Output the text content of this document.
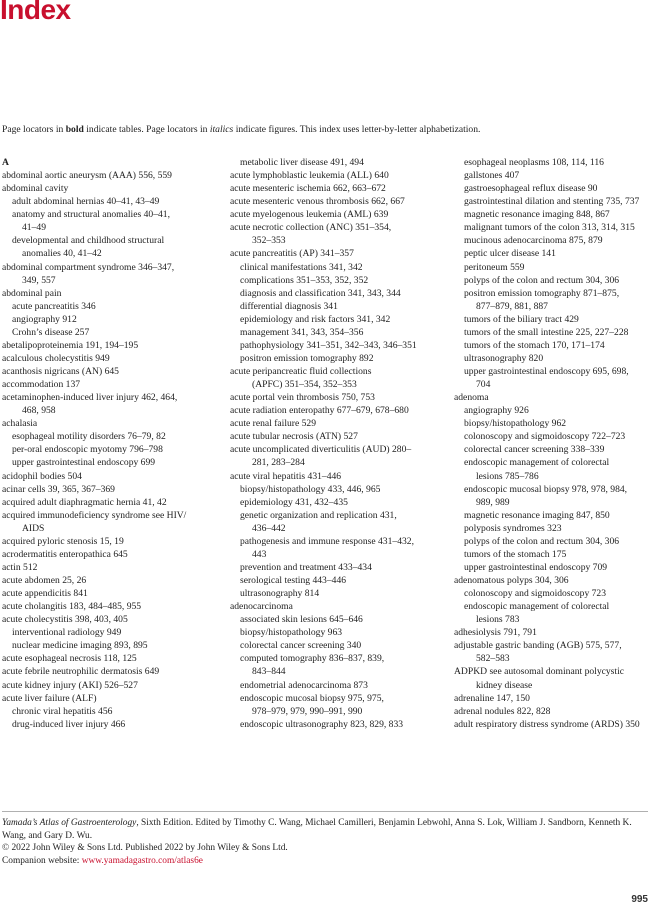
Index
Page locators in bold indicate tables. Page locators in italics indicate figures. This index uses letter-by-letter alphabetization.
A
abdominal aortic aneurysm (AAA) 556, 559
abdominal cavity
adult abdominal hernias 40–41, 43–49
anatomy and structural anomalies 40–41,
41–49
developmental and childhood structural
anomalies 40, 41–42
abdominal compartment syndrome 346–347,
349, 557
abdominal pain
acute pancreatitis 346
angiography 912
Crohn’s disease 257
abetalipoproteinemia 191, 194–195
acalculous cholecystitis 949
acanthosis nigricans (AN) 645
accommodation 137
acetaminophen-induced liver injury 462, 464,
468, 958
achalasia
esophageal motility disorders 76–79, 82
per-oral endoscopic myotomy 796–798
upper gastrointestinal endoscopy 699
acidophil bodies 504
acinar cells 39, 365, 367–369
acquired adult diaphragmatic hernia 41, 42
acquired immunodeficiency syndrome see HIV/
AIDS
acquired pyloric stenosis 15, 19
acrodermatitis enteropathica 645
actin 512
acute abdomen 25, 26
acute appendicitis 841
acute cholangitis 183, 484–485, 955
acute cholecystitis 398, 403, 405
interventional radiology 949
nuclear medicine imaging 893, 895
acute esophageal necrosis 118, 125
acute febrile neutrophilic dermatosis 649
acute kidney injury (AKI) 526–527
acute liver failure (ALF)
chronic viral hepatitis 456
drug-induced liver injury 466
metabolic liver disease 491, 494
acute lymphoblastic leukemia (ALL) 640
acute mesenteric ischemia 662, 663–672
acute mesenteric venous thrombosis 662, 667
acute myelogenous leukemia (AML) 639
acute necrotic collection (ANC) 351–354,
352–353
acute pancreatitis (AP) 341–357
clinical manifestations 341, 342
complications 351–353, 352, 352
diagnosis and classification 341, 343, 344
differential diagnosis 341
epidemiology and risk factors 341, 342
management 341, 343, 354–356
pathophysiology 341–351, 342–343, 346–351
positron emission tomography 892
acute peripancreatic fluid collections
(APFC) 351–354, 352–353
acute portal vein thrombosis 750, 753
acute radiation enteropathy 677–679, 678–680
acute renal failure 529
acute tubular necrosis (ATN) 527
acute uncomplicated diverticulitis (AUD) 280–
281, 283–284
acute viral hepatitis 431–446
biopsy/histopathology 433, 446, 965
epidemiology 431, 432–435
genetic organization and replication 431,
436–442
pathogenesis and immune response 431–432,
443
prevention and treatment 433–434
serological testing 443–446
ultrasonography 814
adenocarcinoma
associated skin lesions 645–646
biopsy/histopathology 963
colorectal cancer screening 340
computed tomography 836–837, 839,
843–844
endometrial adenocarcinoma 873
endoscopic mucosal biopsy 975, 975,
978–979, 979, 990–991, 990
endoscopic ultrasonography 823, 829, 833
esophageal neoplasms 108, 114, 116
gallstones 407
gastroesophageal reflux disease 90
gastrointestinal dilation and stenting 735, 737
magnetic resonance imaging 848, 867
malignant tumors of the colon 313, 314, 315
mucinous adenocarcinoma 875, 879
peptic ulcer disease 141
peritoneum 559
polyps of the colon and rectum 304, 306
positron emission tomography 871–875,
877–879, 881, 887
tumors of the biliary tract 429
tumors of the small intestine 225, 227–228
tumors of the stomach 170, 171–174
ultrasonography 820
upper gastrointestinal endoscopy 695, 698,
704
adenoma
angiography 926
biopsy/histopathology 962
colonoscopy and sigmoidoscopy 722–723
colorectal cancer screening 338–339
endoscopic management of colorectal
lesions 785–786
endoscopic mucosal biopsy 978, 978, 984,
989, 989
magnetic resonance imaging 847, 850
polyposis syndromes 323
polyps of the colon and rectum 304, 306
tumors of the stomach 175
upper gastrointestinal endoscopy 709
adenomatous polyps 304, 306
colonoscopy and sigmoidoscopy 723
endoscopic management of colorectal
lesions 783
adhesiolysis 791, 791
adjustable gastric banding (AGB) 575, 577,
582–583
ADPKD see autosomal dominant polycystic
kidney disease
adrenaline 147, 150
adrenal nodules 822, 828
adult respiratory distress syndrome (ARDS) 350
Yamada’s Atlas of Gastroenterology, Sixth Edition. Edited by Timothy C. Wang, Michael Camilleri, Benjamin Lebwohl, Anna S. Lok, William J. Sandborn, Kenneth K. Wang, and Gary D. Wu.
© 2022 John Wiley & Sons Ltd. Published 2022 by John Wiley & Sons Ltd.
Companion website: www.yamadagastro.com/atlas6e
995
